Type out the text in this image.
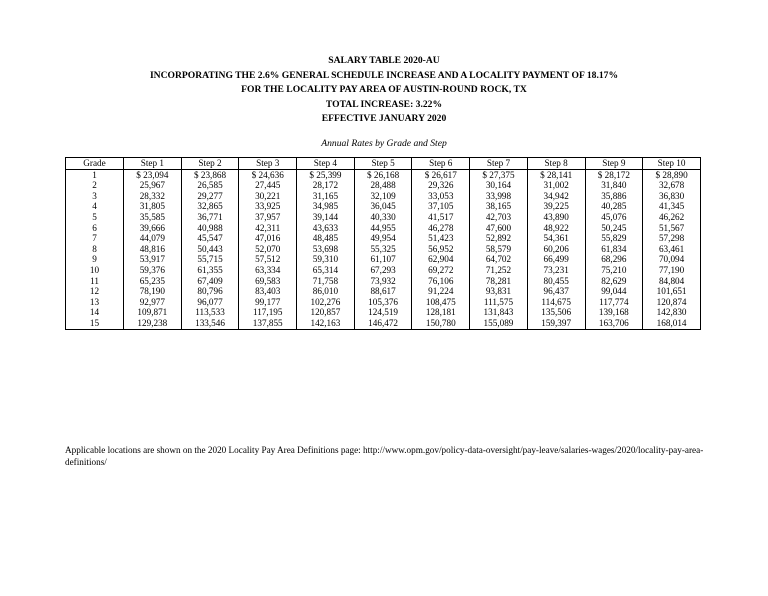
SALARY TABLE 2020-AU
INCORPORATING THE 2.6% GENERAL SCHEDULE INCREASE AND A LOCALITY PAYMENT OF 18.17%
FOR THE LOCALITY PAY AREA OF AUSTIN-ROUND ROCK, TX
TOTAL INCREASE: 3.22%
EFFECTIVE JANUARY 2020
Annual Rates by Grade and Step
Grade	Step 1	Step 2	Step 3	Step 4	Step 5	Step 6	Step 7	Step 8	Step 9	Step 10
1	$ 23,094	$ 23,868	$ 24,636	$ 25,399	$ 26,168	$ 26,617	$ 27,375	$ 28,141	$ 28,172	$ 28,890
2	25,967	26,585	27,445	28,172	28,488	29,326	30,164	31,002	31,840	32,678
3	28,332	29,277	30,221	31,165	32,109	33,053	33,998	34,942	35,886	36,830
4	31,805	32,865	33,925	34,985	36,045	37,105	38,165	39,225	40,285	41,345
5	35,585	36,771	37,957	39,144	40,330	41,517	42,703	43,890	45,076	46,262
6	39,666	40,988	42,311	43,633	44,955	46,278	47,600	48,922	50,245	51,567
7	44,079	45,547	47,016	48,485	49,954	51,423	52,892	54,361	55,829	57,298
8	48,816	50,443	52,070	53,698	55,325	56,952	58,579	60,206	61,834	63,461
9	53,917	55,715	57,512	59,310	61,107	62,904	64,702	66,499	68,296	70,094
10	59,376	61,355	63,334	65,314	67,293	69,272	71,252	73,231	75,210	77,190
11	65,235	67,409	69,583	71,758	73,932	76,106	78,281	80,455	82,629	84,804
12	78,190	80,796	83,403	86,010	88,617	91,224	93,831	96,437	99,044	101,651
13	92,977	96,077	99,177	102,276	105,376	108,475	111,575	114,675	117,774	120,874
14	109,871	113,533	117,195	120,857	124,519	128,181	131,843	135,506	139,168	142,830
15	129,238	133,546	137,855	142,163	146,472	150,780	155,089	159,397	163,706	168,014
Applicable locations are shown on the 2020 Locality Pay Area Definitions page: http://www.opm.gov/policy-data-oversight/pay-leave/salaries-wages/2020/locality-pay-area-definitions/
